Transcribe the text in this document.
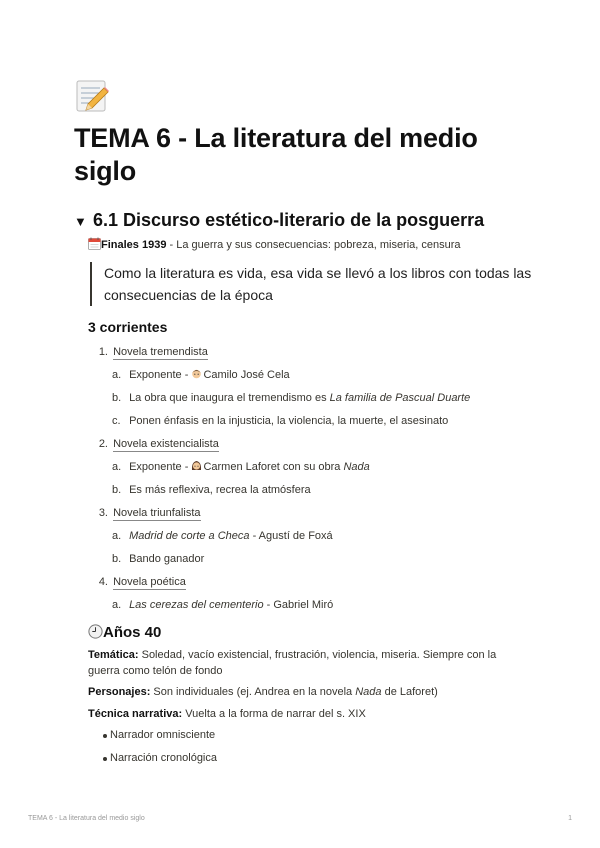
TEMA 6 - La literatura del medio siglo
▼ 6.1 Discurso estético-literario de la posguerra
Finales 1939 - La guerra y sus consecuencias: pobreza, miseria, censura
Como la literatura es vida, esa vida se llevó a los libros con todas las consecuencias de la época
3 corrientes
1. Novela tremendista
a. Exponente - Camilo José Cela
b. La obra que inaugura el tremendismo es La familia de Pascual Duarte
c. Ponen énfasis en la injusticia, la violencia, la muerte, el asesinato
2. Novela existencialista
a. Exponente - Carmen Laforet con su obra Nada
b. Es más reflexiva, recrea la atmósfera
3. Novela triunfalista
a. Madrid de corte a Checa - Agustí de Foxá
b. Bando ganador
4. Novela poética
a. Las cerezas del cementerio - Gabriel Miró
Años 40
Temática: Soledad, vacío existencial, frustración, violencia, miseria. Siempre con la guerra como telón de fondo
Personajes: Son individuales (ej. Andrea en la novela Nada de Laforet)
Técnica narrativa: Vuelta a la forma de narrar del s. XIX
Narrador omnisciente
Narración cronológica
TEMA 6 - La literatura del medio siglo	1
